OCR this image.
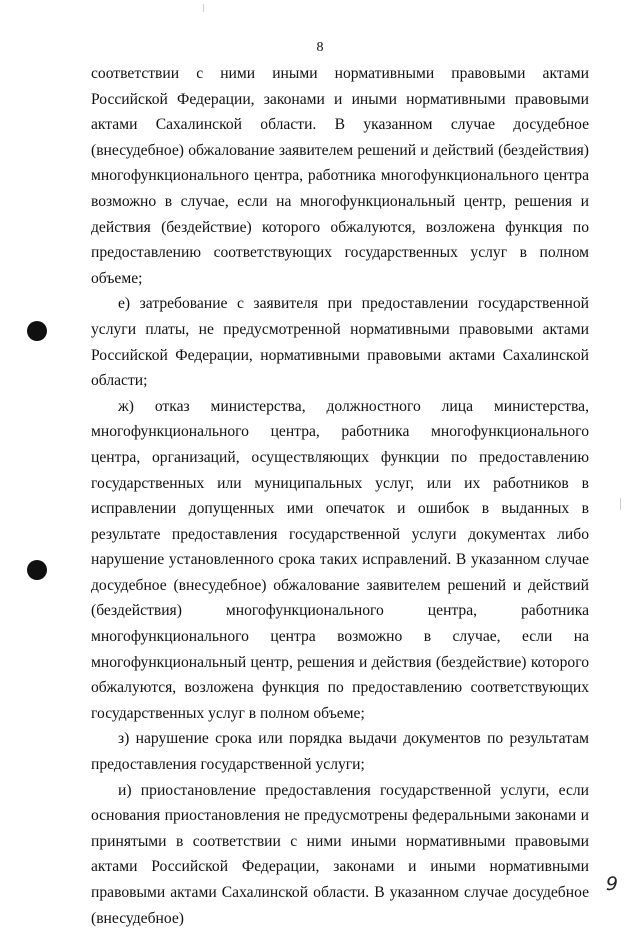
8

соответствии с ними иными нормативными правовыми актами Российской Федерации, законами и иными нормативными правовыми актами Сахалинской области. В указанном случае досудебное (внесудебное) обжалование заявителем решений и действий (бездействия) многофункционального центра, работника многофункционального центра возможно в случае, если на многофункциональный центр, решения и действия (бездействие) которого обжалуются, возложена функция по предоставлению соответствующих государственных услуг в полном объеме;

е) затребование с заявителя при предоставлении государственной услуги платы, не предусмотренной нормативными правовыми актами Российской Федерации, нормативными правовыми актами Сахалинской области;

ж) отказ министерства, должностного лица министерства, многофункционального центра, работника многофункционального центра, организаций, осуществляющих функции по предоставлению государственных или муниципальных услуг, или их работников в исправлении допущенных ими опечаток и ошибок в выданных в результате предоставления государственной услуги документах либо нарушение установленного срока таких исправлений. В указанном случае досудебное (внесудебное) обжалование заявителем решений и действий (бездействия) многофункционального центра, работника многофункционального центра возможно в случае, если на многофункциональный центр, решения и действия (бездействие) которого обжалуются, возложена функция по предоставлению соответствующих государственных услуг в полном объеме;

з) нарушение срока или порядка выдачи документов по результатам предоставления государственной услуги;

и) приостановление предоставления государственной услуги, если основания приостановления не предусмотрены федеральными законами и принятыми в соответствии с ними иными нормативными правовыми актами Российской Федерации, законами и иными нормативными правовыми актами Сахалинской области. В указанном случае досудебное (внесудебное)

9
